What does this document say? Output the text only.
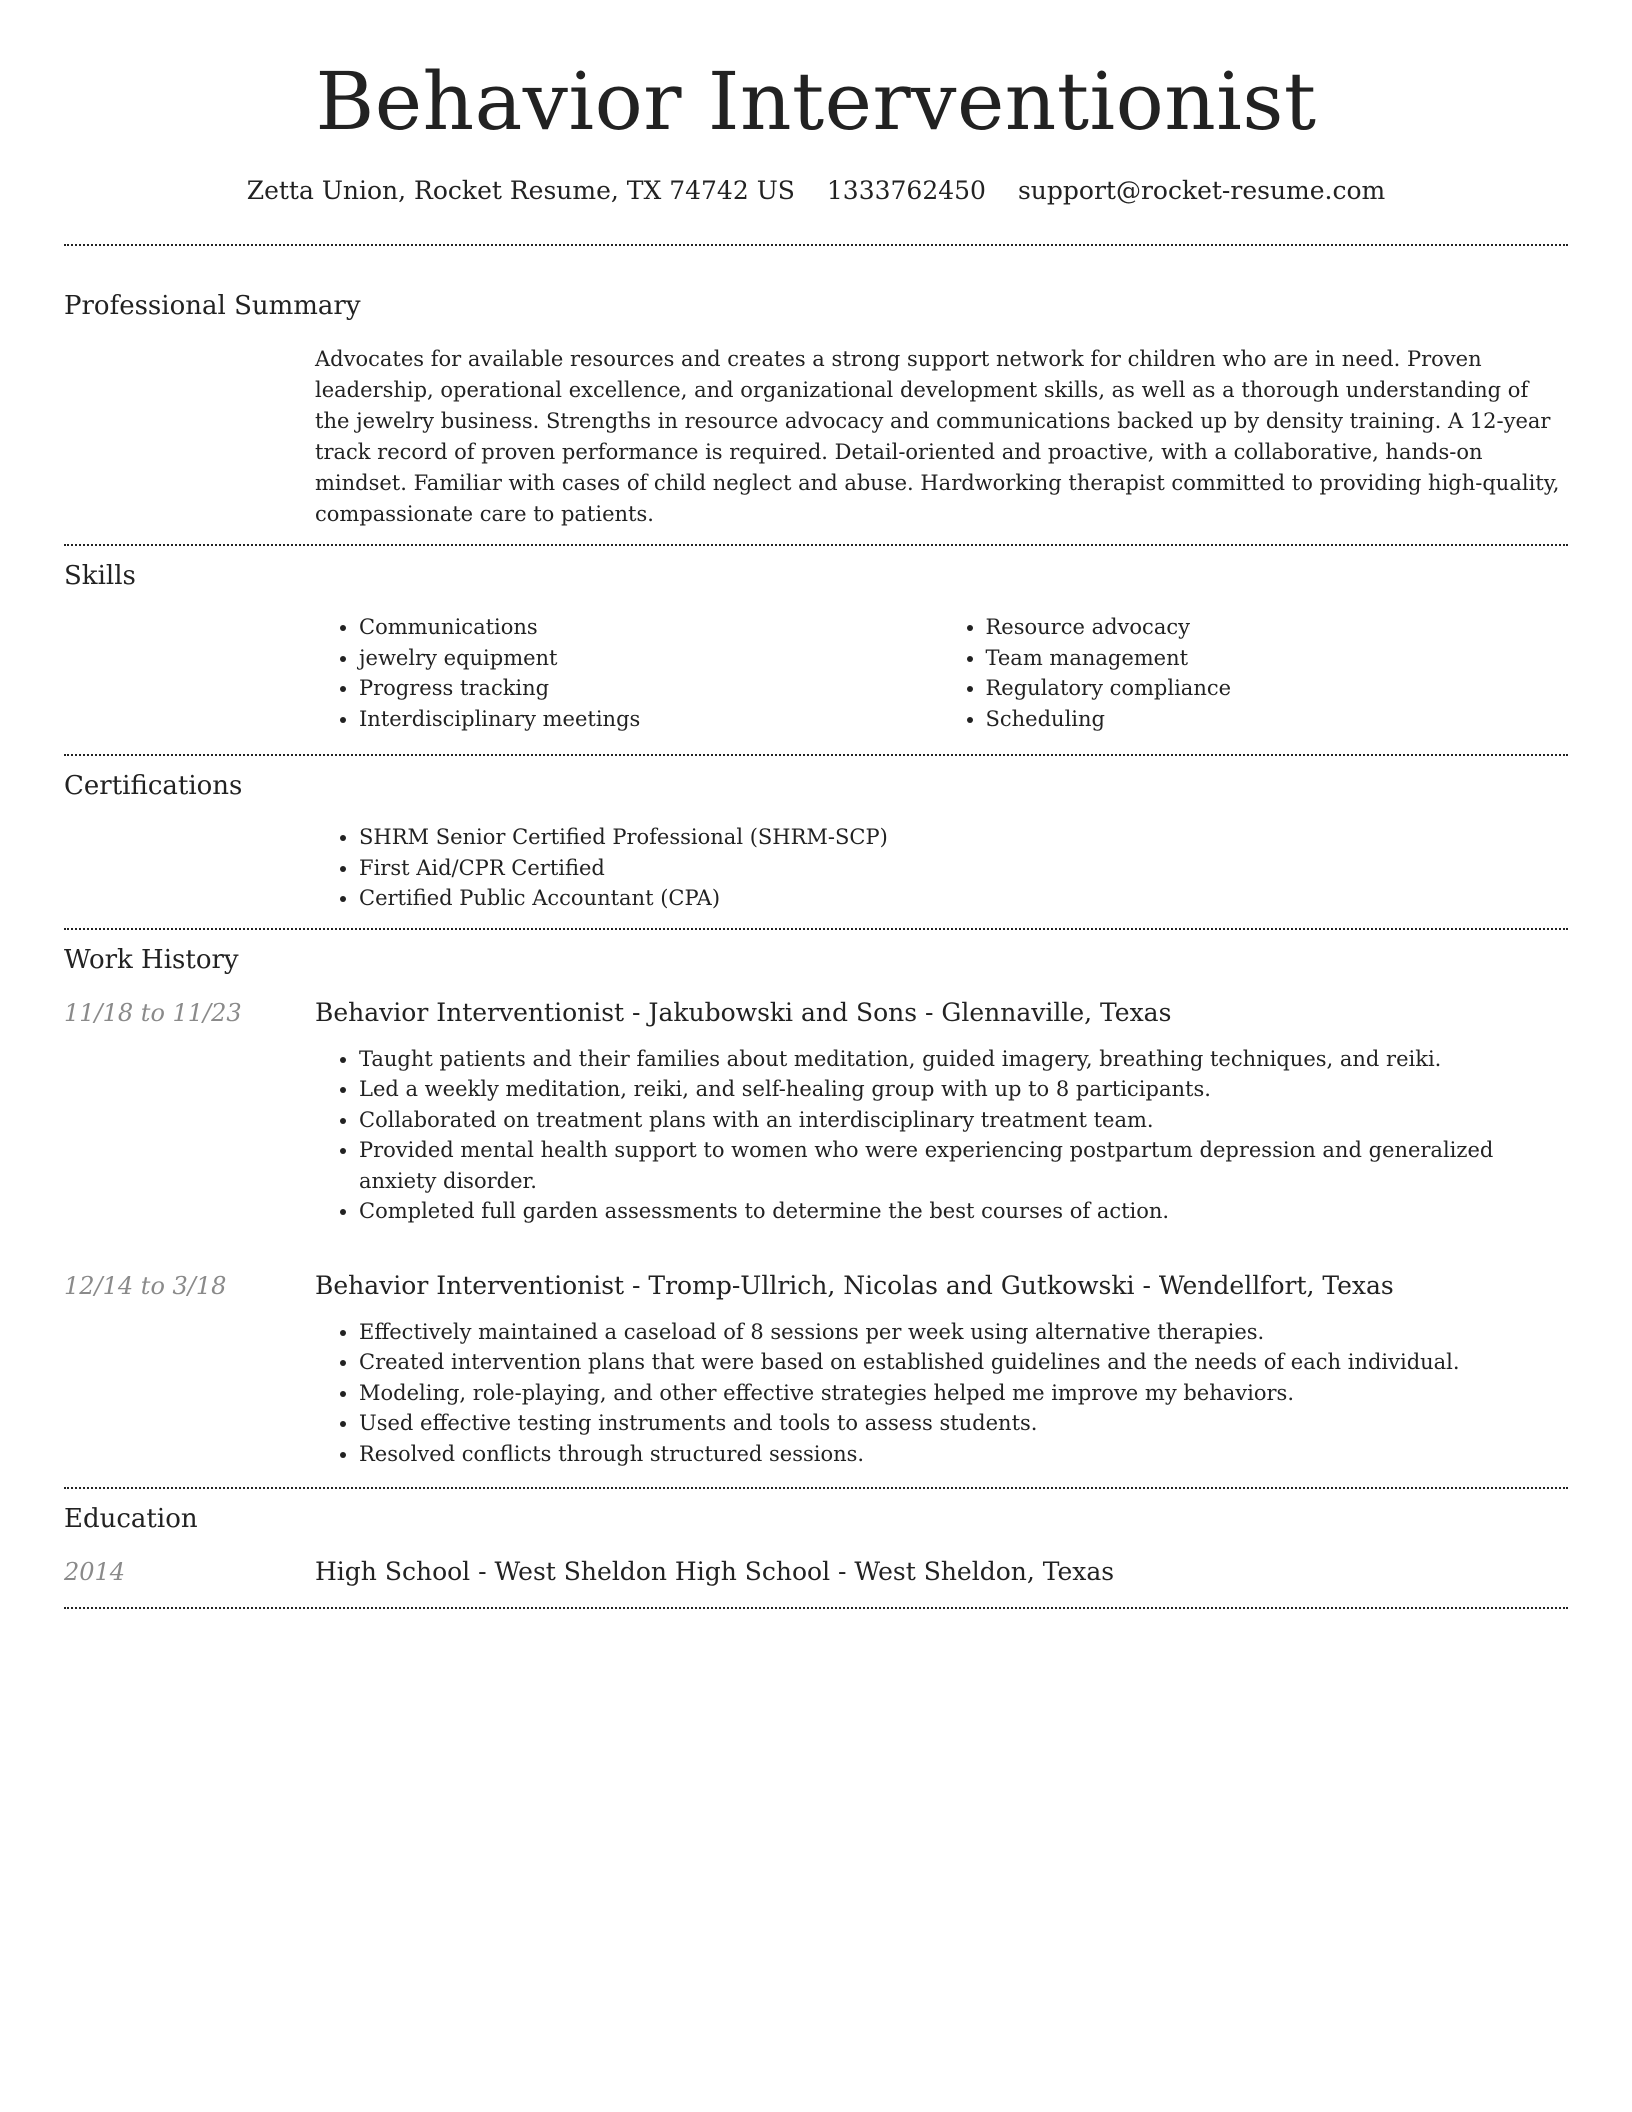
Behavior Interventionist
Zetta Union, Rocket Resume, TX 74742 US 1333762450 support@rocket-resume.com
Professional Summary

Advocates for available resources and creates a strong support network for children who are in need. Proven leadership, operational excellence, and organizational development skills, as well as a thorough understanding of the jewelry business. Strengths in resource advocacy and communications backed up by density training. A 12-year track record of proven performance is required. Detail-oriented and proactive, with a collaborative, hands-on mindset. Familiar with cases of child neglect and abuse. Hardworking therapist committed to providing high-quality, compassionate care to patients.

Skills
• Communications
• jewelry equipment
• Progress tracking
• Interdisciplinary meetings
• Resource advocacy
• Team management
• Regulatory compliance
• Scheduling
Certifications
• SHRM Senior Certified Professional (SHRM-SCP)
• First Aid/CPR Certified
• Certified Public Accountant (CPA)
Work History
11/18 to 11/23	Behavior Interventionist - Jakubowski and Sons - Glennaville, Texas
• Taught patients and their families about meditation, guided imagery, breathing techniques, and reiki.
• Led a weekly meditation, reiki, and self-healing group with up to 8 participants.
• Collaborated on treatment plans with an interdisciplinary treatment team.
• Provided mental health support to women who were experiencing postpartum depression and generalized anxiety disorder.
• Completed full garden assessments to determine the best courses of action.
12/14 to 3/18	Behavior Interventionist - Tromp-Ullrich, Nicolas and Gutkowski - Wendellfort, Texas
• Effectively maintained a caseload of 8 sessions per week using alternative therapies.
• Created intervention plans that were based on established guidelines and the needs of each individual.
• Modeling, role-playing, and other effective strategies helped me improve my behaviors.
• Used effective testing instruments and tools to assess students.
• Resolved conflicts through structured sessions.
Education
2014	High School - West Sheldon High School - West Sheldon, Texas
